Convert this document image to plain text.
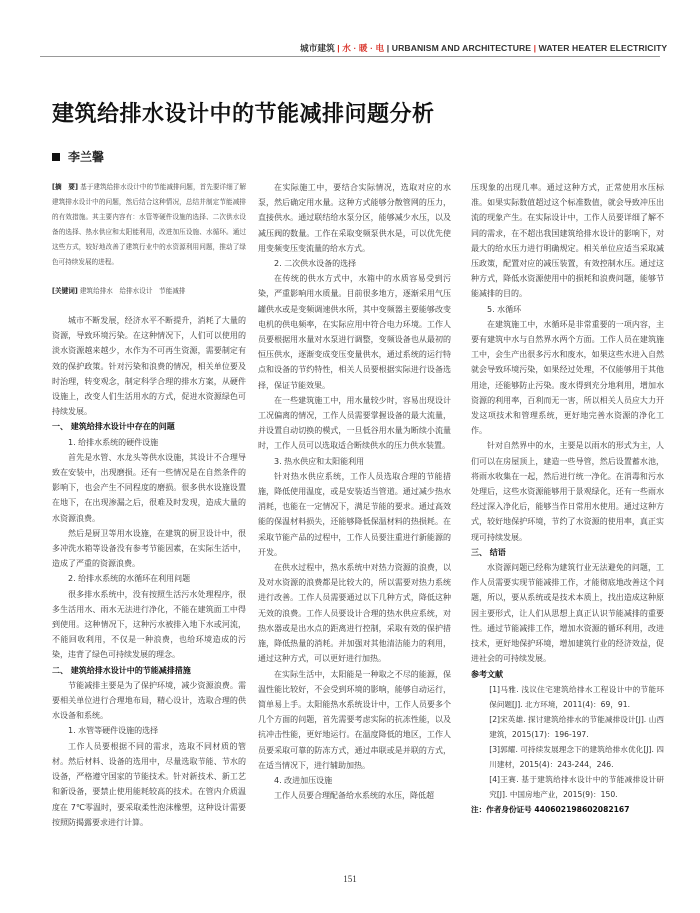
城市建筑 | 水 · 暖 · 电 | URBANISM AND ARCHITECTURE | WATER HEATER ELECTRICITY
建筑给排水设计中的节能减排问题分析
李兰馨
[摘　要] 基于建筑给排水设计中的节能减排问题，首先要详细了解建筑排水设计中的问题，然后结合这种情况，总结并制定节能减排的有效措施。其主要内容有：水管等硬件设施的选择、二次供水设备的选择、热水供应和太阳能利用，改进加压设施、水循环。通过这些方式，较好地改善了建筑行业中的水资源利用问题，推动了绿色可持续发展的进程。
[关键词] 建筑给排水　给排水设计　节能减排

城市不断发展，经济水平不断提升，消耗了大量的资源，导致环境污染。在这种情况下，人们可以使用的淡水资源越来越少，水作为不可再生资源，需要制定有效的保护政策。针对污染和浪费的情况，相关单位要及时治理，转变观念，制定科学合理的排水方案，从硬件设施上，改变人们生活用水的方式，促进水资源绿色可持续发展。

一、 建筑给排水设计中存在的问题

1. 给排水系统的硬件设施

首先是水管、水龙头等供水设施，其设计不合理导致在安装中，出现磨损。还有一些情况是在自然条件的影响下，也会产生不同程度的磨损。很多供水设施设置在地下，在出现渗漏之后，很难及时发现，造成大量的水资源浪费。

然后是厨卫等用水设施，在建筑的厨卫设计中，很多冲洗水箱等设备没有参考节能因素，在实际生活中，造成了严重的资源浪费。

2. 给排水系统的水循环在利用问题

很多排水系统中，没有按照生活污水处理程序，很多生活用水、雨水无法进行净化，不能在建筑面工中得到使用。这种情况下，这种污水被排入地下水或河流，不能回收利用，不仅是一种浪费，也给环境造成的污染，违背了绿色可持续发展的理念。

二、 建筑给排水设计中的节能减排措施

节能减排主要是为了保护环境，减少资源浪费。需要相关单位进行合理地布局，精心设计，选取合理的供水设备和系统。

1. 水管等硬件设施的选择

工作人员要根据不同的需求，选取不同材质的管材。然后材料、设备的选用中，尽量选取节能、节水的设备，严格遵守国家的节能技术。针对新技术、新工艺和新设备，要禁止使用能耗较高的技术。在管内介质温度在 7℃零温时，要采取柔性泡沫橡塑，这种设计需要按照防揭露要求进行计算。

在实际施工中，要结合实际情况，选取对应的水泵，然后确定用水量。这种方式能够分散管网的压力，直接供水。通过联结给水泵分区，能够减少水压，以及减压阀的数量。工作在采取变频泵供水是，可以优先使用变频变压变流量的给水方式。

2. 二次供水设备的选择

在传统的供水方式中，水箱中的水质容易受到污染，严重影响用水质量。目前很多地方，逐渐采用气压罐供水或是变频调速供水所，其中变频器主要能够改变电机的供电频率，在实际应用中符合电力环境。工作人员要根据用水量对水泵进行调整，变频设备也从最初的恒压供水，逐渐变成变压变量供水，通过系统的运行特点和设备的节约特性，相关人员要根据实际进行设备选择，保证节能效果。

在一些建筑施工中，用水量较少时，容易出现设计工况偏离的情况，工作人员需要掌握设备的最大流量，并设置自动切换的模式，一旦低谷用水量为断续小流量时，工作人员可以选取适合断续供水的压力供水装置。

3. 热水供应和太阳能利用

针对热水供应系统，工作人员选取合理的节能措施，降低使用温度，或是安装适当管道。通过减少热水消耗，也能在一定情况下，满足节能的要求。通过高效能的保温材料损失，还能够降低保温材料的热损耗。在采取节能产品的过程中，工作人员要注重进行新能源的开发。

在供水过程中，热水系统中对热力资源的浪费，以及对水资源的浪费都是比较大的，所以需要对热力系统进行改善。工作人员需要通过以下几种方式，降低这种无效的浪费。工作人员要设计合理的热水供应系统，对热水器或是出水点的距离进行控制，采取有效的保护措施，降低热量的消耗。并加强对其他清洁能力的利用，通过这种方式，可以更好进行加热。

在实际生活中，太阳能是一种取之不尽的能源，保温性能比较好，不会受到环境的影响，能够自动运行，简单易上手。太阳能热水系统设计中，工作人员要多个几个方面的问题，首先需要考虑实际的抗冻性能，以及抗冲击性能，更好地运行。在温度降低的地区，工作人员要采取可靠的防冻方式，通过串联或是并联的方式，在适当情况下，进行辅助加热。

4. 改进加压设施

工作人员要合理配备给水系统的水压，降低超

压现象的出现几率。通过这种方式，正常使用水压标准。如果实际数值超过这个标准数值，就会导致冲压出流的现象产生。在实际设计中，工作人员要详细了解不同的需求，在不超出我国建筑给排水设计的影响下，对最大的给水压力进行明确规定。相关单位应适当采取减压政策，配置对应的减压装置，有效控制水压。通过这种方式，降低水资源使用中的损耗和浪费问题，能够节能减排的目的。

5. 水循环

在建筑施工中，水循环是非常重要的一项内容，主要有建筑中水与自然界水两个方面。工作人员在建筑施工中，会生产出很多污水和废水，如果这些水进入自然就会导致环境污染，如果经过处理，不仅能够用于其他用途，还能够防止污染。废水得到充分地利用，增加水资源的利用率，百利而无一害，所以相关人员应大力开发这项技术和管理系统，更好地完善水资源的净化工作。

针对自然界中的水，主要是以雨水的形式为主，人们可以在房屋顶上，建造一些导管，然后设置蓄水池，将雨水收集在一起，然后进行统一净化。在消毒和污水处理后，这些水资源能够用于景观绿化，还有一些雨水经过深入净化后，能够当作日常用水使用。通过这种方式，较好地保护环境，节约了水资源的使用率，真正实现可持续发展。

三、 结语

水资源问题已经称为建筑行业无法避免的问题，工作人员需要实现节能减排工作，才能彻底地改善这个问题，所以，要从系统或是技术本质上，找出造成这种原因主要形式，让人们从思想上真正认识节能减排的重要性。通过节能减排工作，增加水资源的循环利用，改进技术，更好地保护环境，增加建筑行业的经济效益，促进社会的可持续发展。

参考文献

[1]马雅. 浅议住宅建筑给排水工程设计中的节能环保问题[J]. 北方环境，2011(4)：69，91.

[2]宋英雄. 探讨建筑给排水的节能减排设计[J]. 山西建筑，2015(17)：196-197.

[3]郭耀. 可持续发展理念下的建筑给排水优化[J]. 四川建材，2015(4)：243-244，246.

[4]王赛. 基于建筑给排水设计中的节能减排设计研究[J]. 中国房地产业，2015(9)：150.

注：作者身份证号 440602198602082167

151
